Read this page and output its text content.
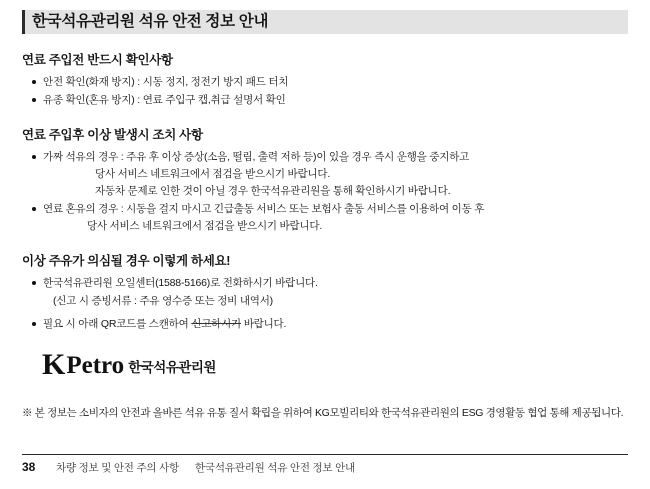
한국석유관리원 석유 안전 정보 안내
연료 주입전 반드시 확인사항
안전 확인(화재 방지) : 시동 정지, 정전기 방지 패드 터치
유종 확인(혼유 방지) : 연료 주입구 캡,취급 설명서 확인
연료 주입후 이상 발생시 조치 사항
가짜 석유의 경우 : 주유 후 이상 증상(소음, 떨림, 출력 저하 등)이 있을 경우 즉시 운행을 중지하고
당사 서비스 네트워크에서 점검을 받으시기 바랍니다.
자동차 문제로 인한 것이 아닐 경우 한국석유관리원을 통해 확인하시기 바랍니다.
연료 혼유의 경우 : 시동을 걸지 마시고 긴급출동 서비스 또는 보험사 출동 서비스를 이용하여 이동 후
당사 서비스 네트워크에서 점검을 받으시기 바랍니다.
이상 주유가 의심될 경우 이렇게 하세요!
한국석유관리원 오일센터(1588-5166)로 전화하시기 바랍니다.
(신고 시 증빙서류 : 주유 영수증 또는 정비 내역서)
필요 시 아래 QR코드를 스캔하여 신고하시기 바랍니다.
K Petro 한국석유관리원
※ 본 정보는 소비자의 안전과 올바른 석유 유통 질서 확립을 위하여 KG모빌리티와 한국석유관리원의 ESG 경영활동 협업 통해 제공됩니다.
38	차량 정보 및 안전 주의 사항 한국석유관리원 석유 안전 정보 안내
